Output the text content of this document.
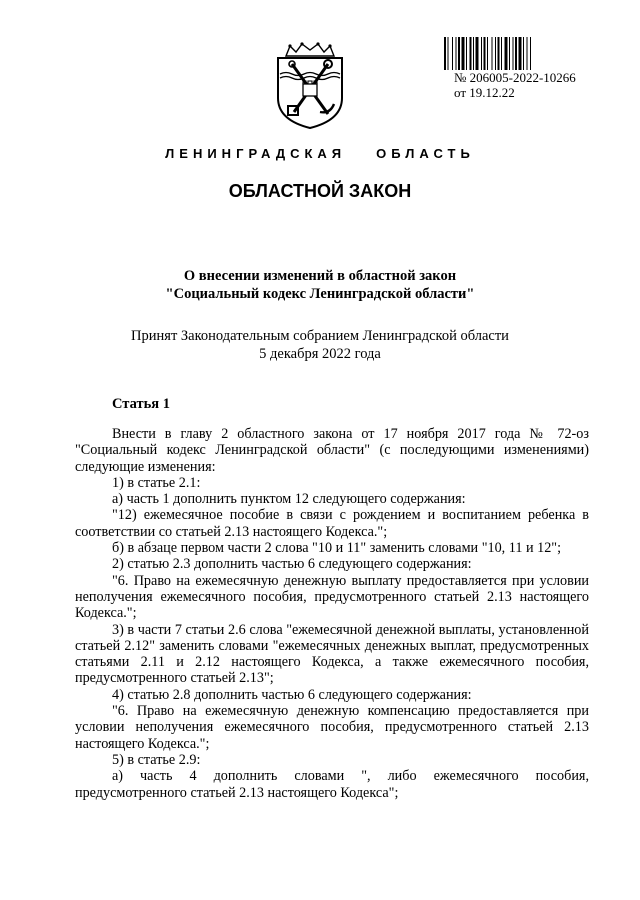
№ 206005-2022-10266
от 19.12.22
ЛЕНИНГРАДСКАЯ ОБЛАСТЬ
ОБЛАСТНОЙ ЗАКОН
О внесении изменений в областной закон
"Социальный кодекс Ленинградской области"
Принят Законодательным собранием Ленинградской области
5 декабря 2022 года
Статья 1

Внести в главу 2 областного закона от 17 ноября 2017 года № 72-оз "Социальный кодекс Ленинградской области" (с последующими изменениями) следующие изменения:

1) в статье 2.1:

а) часть 1 дополнить пунктом 12 следующего содержания:

"12) ежемесячное пособие в связи с рождением и воспитанием ребенка в соответствии со статьей 2.13 настоящего Кодекса.";

б) в абзаце первом части 2 слова "10 и 11" заменить словами "10, 11 и 12";

2) статью 2.3 дополнить частью 6 следующего содержания:

"6. Право на ежемесячную денежную выплату предоставляется при условии неполучения ежемесячного пособия, предусмотренного статьей 2.13 настоящего Кодекса.";

3) в части 7 статьи 2.6 слова "ежемесячной денежной выплаты, установленной статьей 2.12" заменить словами "ежемесячных денежных выплат, предусмотренных статьями 2.11 и 2.12 настоящего Кодекса, а также ежемесячного пособия, предусмотренного статьей 2.13";

4) статью 2.8 дополнить частью 6 следующего содержания:

"6. Право на ежемесячную денежную компенсацию предоставляется при условии неполучения ежемесячного пособия, предусмотренного статьей 2.13 настоящего Кодекса.";

5) в статье 2.9:

а) часть 4 дополнить словами ", либо ежемесячного пособия, предусмотренного статьей 2.13 настоящего Кодекса";
